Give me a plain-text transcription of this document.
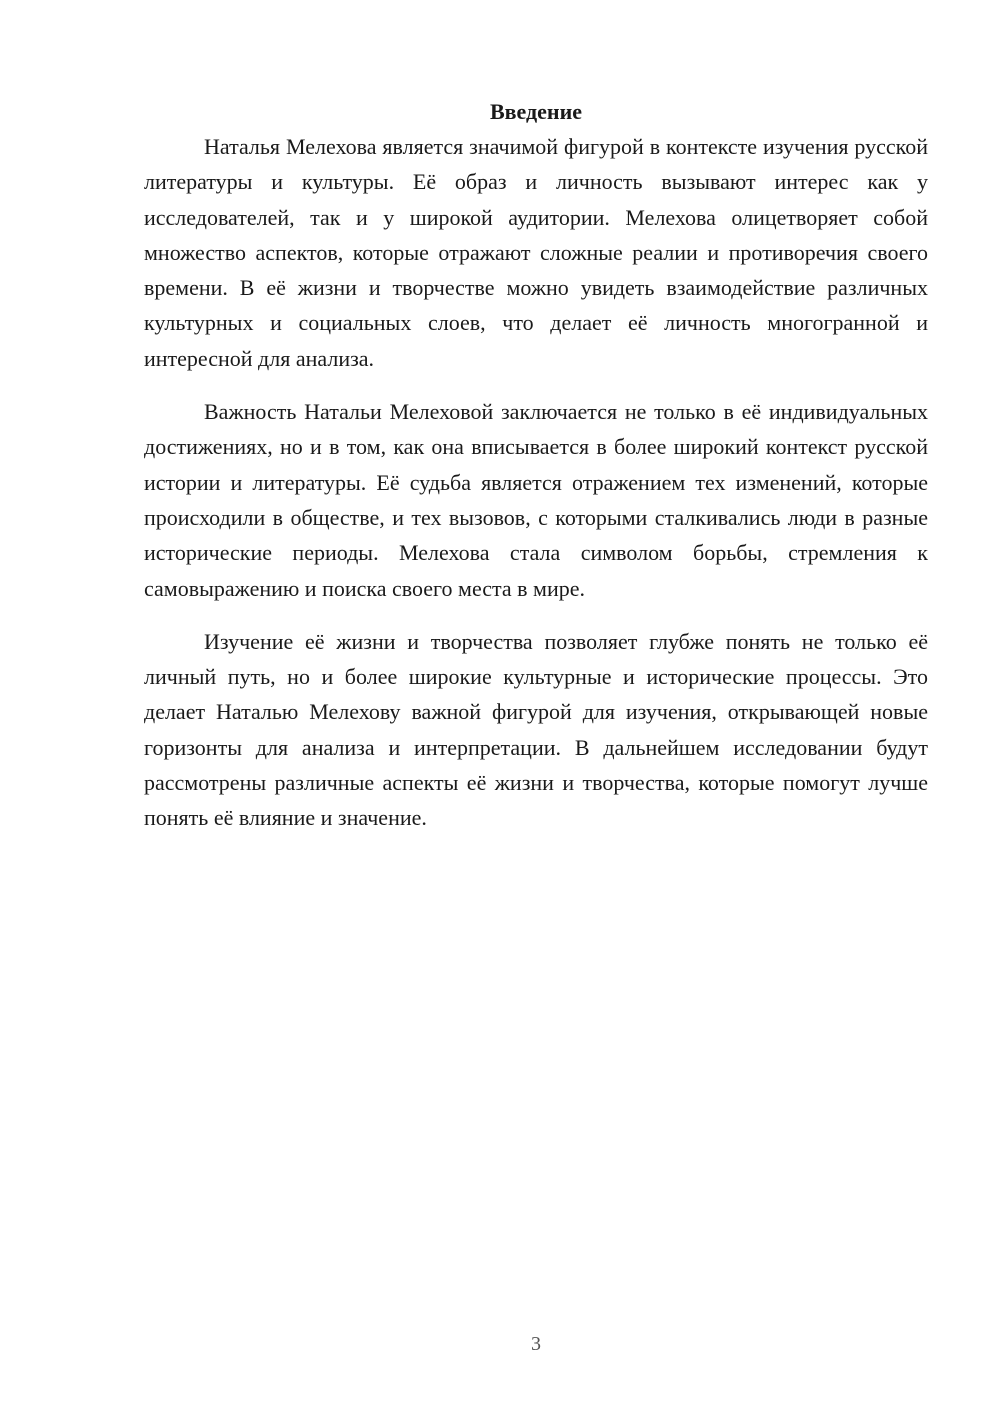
Введение

Наталья Мелехова является значимой фигурой в контексте изучения русской литературы и культуры. Её образ и личность вызывают интерес как у исследователей, так и у широкой аудитории. Мелехова олицетворяет собой множество аспектов, которые отражают сложные реалии и противоречия своего времени. В её жизни и творчестве можно увидеть взаимодействие различных культурных и социальных слоев, что делает её личность многогранной и интересной для анализа.

Важность Натальи Мелеховой заключается не только в её индивидуальных достижениях, но и в том, как она вписывается в более широкий контекст русской истории и литературы. Её судьба является отражением тех изменений, которые происходили в обществе, и тех вызовов, с которыми сталкивались люди в разные исторические периоды. Мелехова стала символом борьбы, стремления к самовыражению и поиска своего места в мире.

Изучение её жизни и творчества позволяет глубже понять не только её личный путь, но и более широкие культурные и исторические процессы. Это делает Наталью Мелехову важной фигурой для изучения, открывающей новые горизонты для анализа и интерпретации. В дальнейшем исследовании будут рассмотрены различные аспекты её жизни и творчества, которые помогут лучше понять её влияние и значение.

3
